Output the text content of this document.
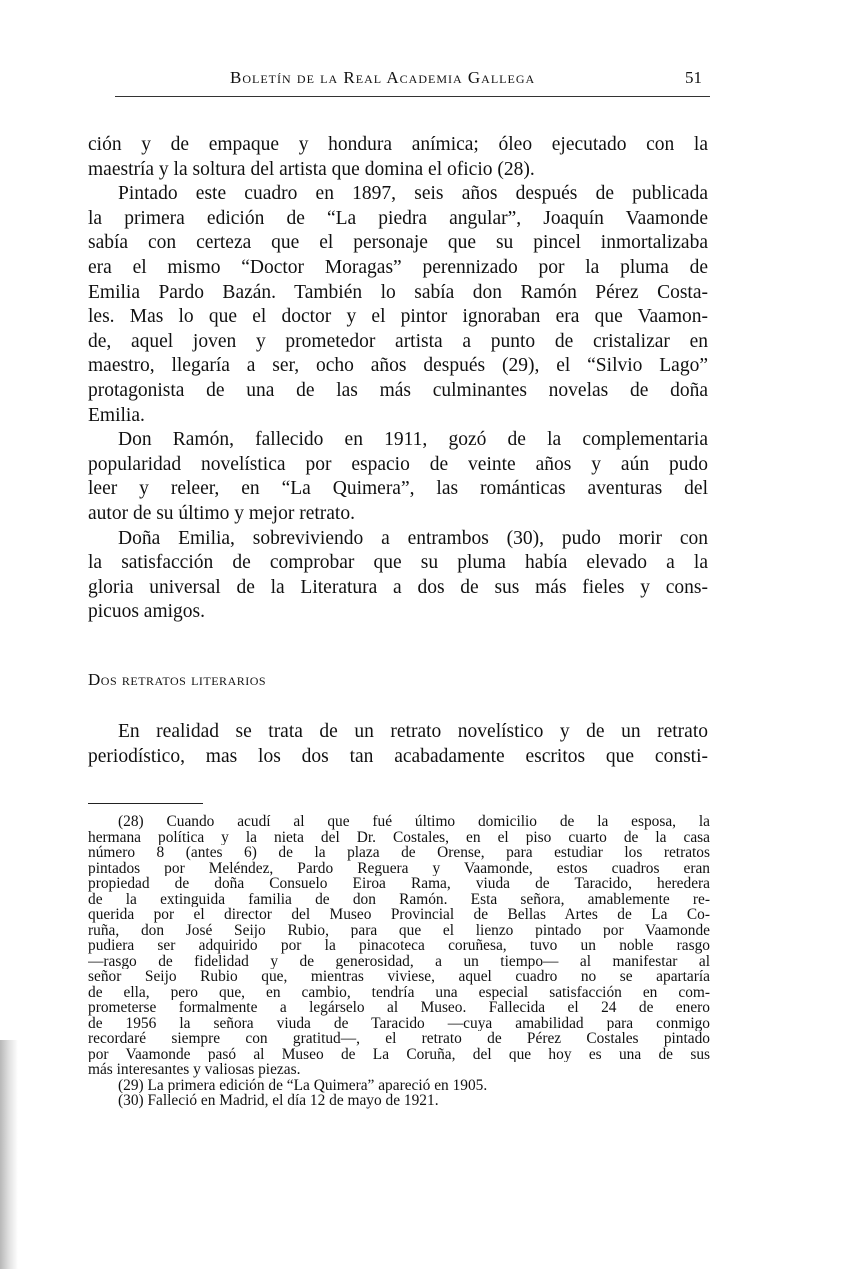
Boletín de la Real Academia Gallega	51
ción y de empaque y hondura anímica; óleo ejecutado con la
maestría y la soltura del artista que domina el oficio (28).
Pintado este cuadro en 1897, seis años después de publicada
la primera edición de “La piedra angular”, Joaquín Vaamonde
sabía con certeza que el personaje que su pincel inmortalizaba
era el mismo “Doctor Moragas” perennizado por la pluma de
Emilia Pardo Bazán. También lo sabía don Ramón Pérez Costa-
les. Mas lo que el doctor y el pintor ignoraban era que Vaamon-
de, aquel joven y prometedor artista a punto de cristalizar en
maestro, llegaría a ser, ocho años después (29), el “Silvio Lago”
protagonista de una de las más culminantes novelas de doña
Emilia.
Don Ramón, fallecido en 1911, gozó de la complementaria
popularidad novelística por espacio de veinte años y aún pudo
leer y releer, en “La Quimera”, las románticas aventuras del
autor de su último y mejor retrato.
Doña Emilia, sobreviviendo a entrambos (30), pudo morir con
la satisfacción de comprobar que su pluma había elevado a la
gloria universal de la Literatura a dos de sus más fieles y cons-
picuos amigos.
Dos retratos literarios
En realidad se trata de un retrato novelístico y de un retrato
periodístico, mas los dos tan acabadamente escritos que consti-
(28) Cuando acudí al que fué último domicilio de la esposa, la
hermana política y la nieta del Dr. Costales, en el piso cuarto de la casa
número 8 (antes 6) de la plaza de Orense, para estudiar los retratos
pintados por Meléndez, Pardo Reguera y Vaamonde, estos cuadros eran
propiedad de doña Consuelo Eiroa Rama, viuda de Taracido, heredera
de la extinguida familia de don Ramón. Esta señora, amablemente re-
querida por el director del Museo Provincial de Bellas Artes de La Co-
ruña, don José Seijo Rubio, para que el lienzo pintado por Vaamonde
pudiera ser adquirido por la pinacoteca coruñesa, tuvo un noble rasgo
—rasgo de fidelidad y de generosidad, a un tiempo— al manifestar al
señor Seijo Rubio que, mientras viviese, aquel cuadro no se apartaría
de ella, pero que, en cambio, tendría una especial satisfacción en com-
prometerse formalmente a legárselo al Museo. Fallecida el 24 de enero
de 1956 la señora viuda de Taracido —cuya amabilidad para conmigo
recordaré siempre con gratitud—, el retrato de Pérez Costales pintado
por Vaamonde pasó al Museo de La Coruña, del que hoy es una de sus
más interesantes y valiosas piezas.
(29) La primera edición de “La Quimera” apareció en 1905.
(30) Falleció en Madrid, el día 12 de mayo de 1921.
